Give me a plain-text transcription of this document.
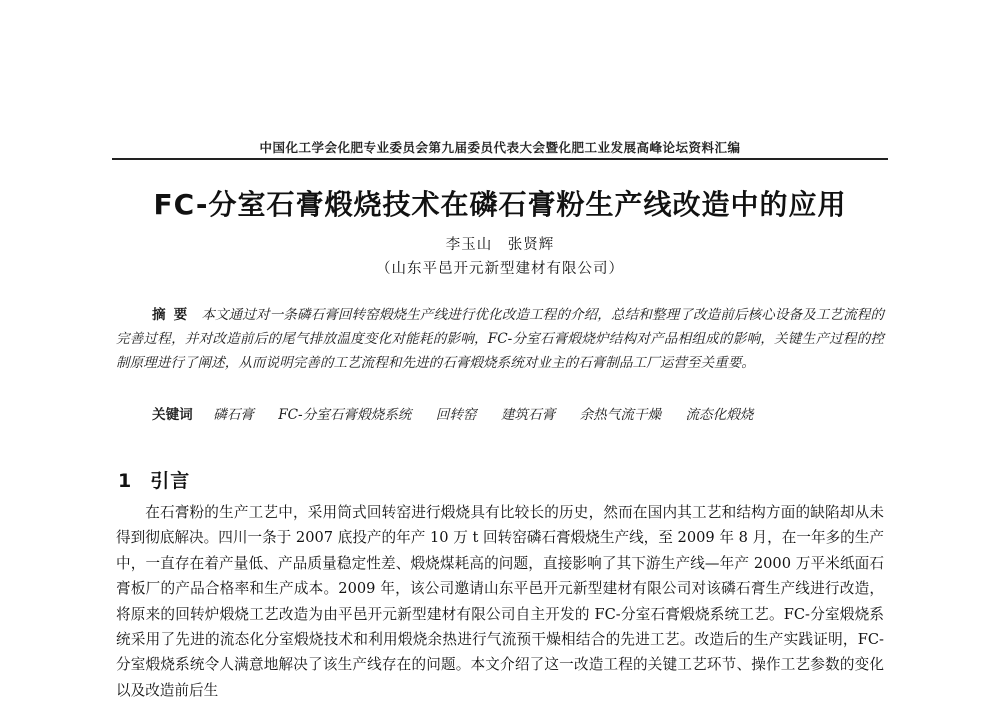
中国化工学会化肥专业委员会第九届委员代表大会暨化肥工业发展高峰论坛资料汇编
FC-分室石膏煅烧技术在磷石膏粉生产线改造中的应用
李玉山　张贤辉
（山东平邑开元新型建材有限公司）
摘要 本文通过对一条磷石膏回转窑煅烧生产线进行优化改造工程的介绍，总结和整理了改造前后核心设备及工艺流程的完善过程，并对改造前后的尾气排放温度变化对能耗的影响，FC-分室石膏煅烧炉结构对产品相组成的影响，关键生产过程的控制原理进行了阐述，从而说明完善的工艺流程和先进的石膏煅烧系统对业主的石膏制品工厂运营至关重要。
关键词 磷石膏 FC-分室石膏煅烧系统 回转窑 建筑石膏 余热气流干燥 流态化煅烧
1 引言
在石膏粉的生产工艺中，采用筒式回转窑进行煅烧具有比较长的历史，然而在国内其工艺和结构方面的缺陷却从未得到彻底解决。四川一条于 2007 底投产的年产 10 万 t 回转窑磷石膏煅烧生产线，至 2009 年 8 月，在一年多的生产中，一直存在着产量低、产品质量稳定性差、煅烧煤耗高的问题，直接影响了其下游生产线—年产 2000 万平米纸面石膏板厂的产品合格率和生产成本。2009 年，该公司邀请山东平邑开元新型建材有限公司对该磷石膏生产线进行改造，将原来的回转炉煅烧工艺改造为由平邑开元新型建材有限公司自主开发的 FC-分室石膏煅烧系统工艺。FC-分室煅烧系统采用了先进的流态化分室煅烧技术和利用煅烧余热进行气流预干燥相结合的先进工艺。改造后的生产实践证明，FC-分室煅烧系统令人满意地解决了该生产线存在的问题。本文介绍了这一改造工程的关键工艺环节、操作工艺参数的变化以及改造前后生
